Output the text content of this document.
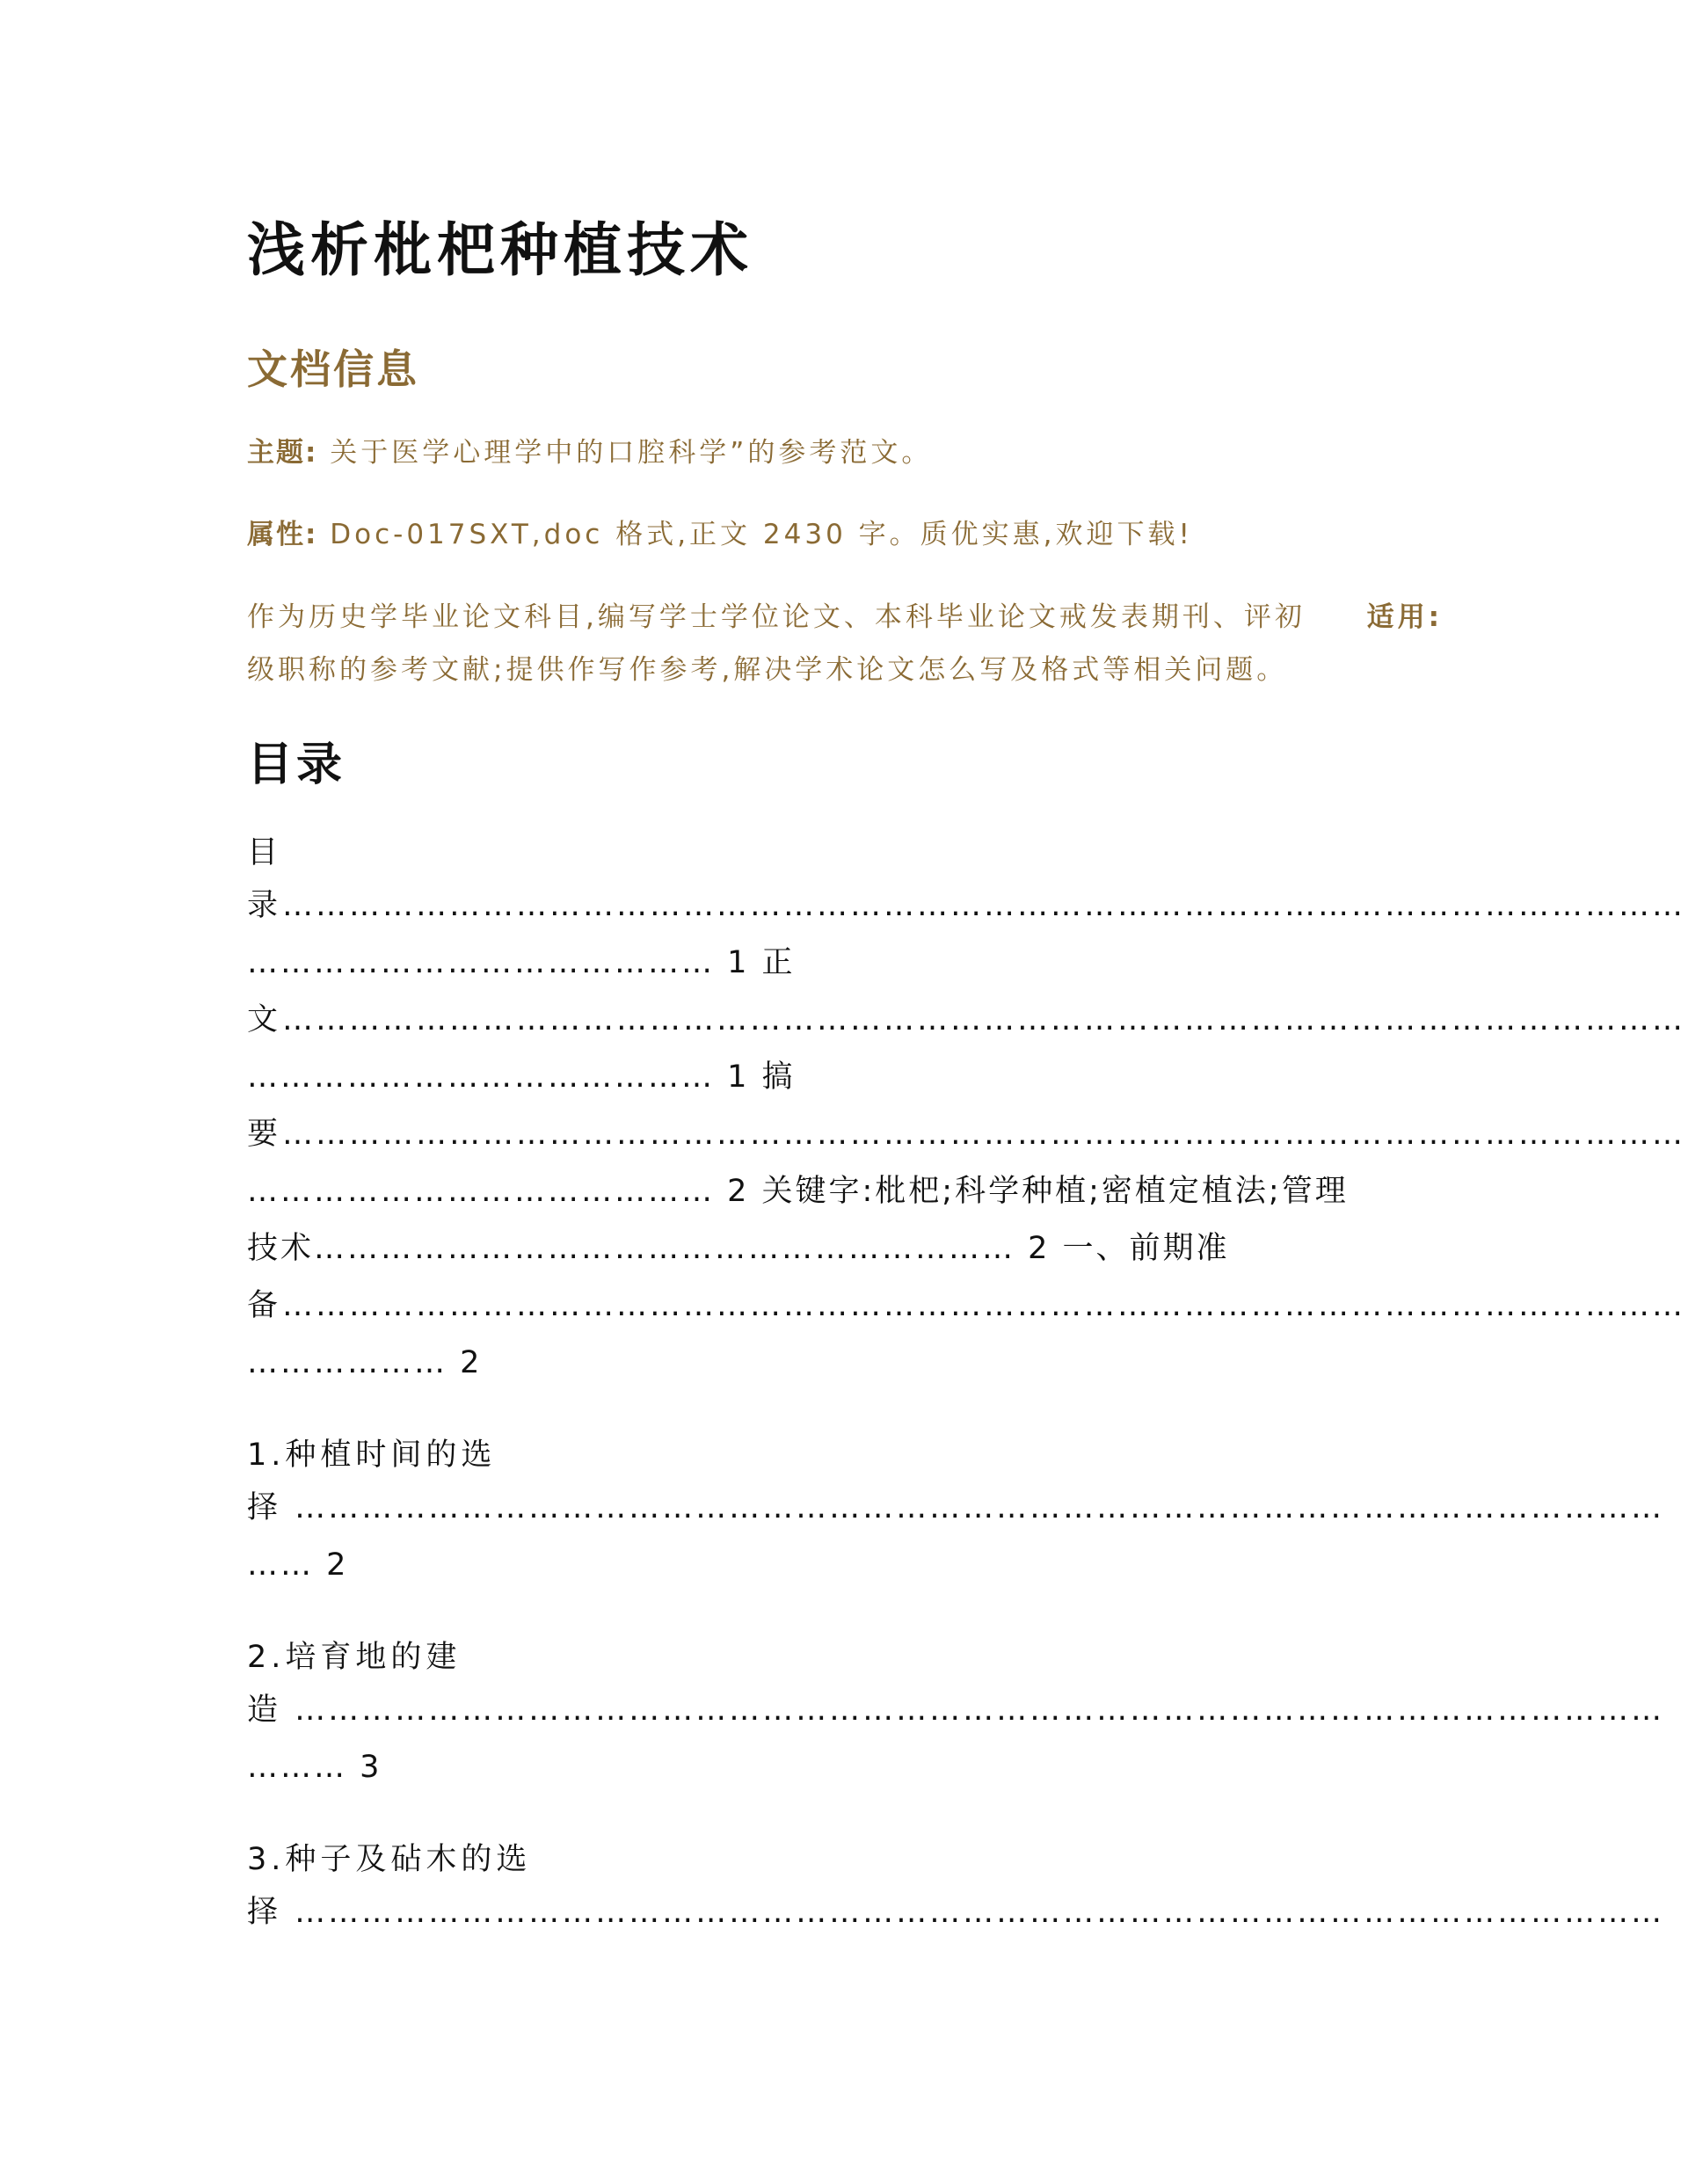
浅析枇杷种植技术
文档信息
主题: 关于医学心理学中的口腔科学”的参考范文。
属性: Doc-017SXT,doc 格式,正文 2430 字。质优实惠,欢迎下载!
作为历史学毕业论文科目,编写学士学位论文、本科毕业论文戒发表期刊、评初 适用:
级职称的参考文献;提供作写作参考,解决学术论文怎么写及格式等相关问题。
目录
目
录………………………………………………………………………………………………………………
…………………………………… 1 正
文………………………………………………………………………………………………………………
…………………………………… 1 搞
要………………………………………………………………………………………………………………
…………………………………… 2 关键字:枇杷;科学种植;密植定植法;管理
技术……………………………………………………… 2 一、前期准
备………………………………………………………………………………………………………………
……………… 2
1.种植时间的选
择 ……………………………………………………………………………………………………………
…… 2
2.培育地的建
造 ……………………………………………………………………………………………………………
……… 3
3.种子及砧木的选
择 ……………………………………………………………………………………………………………
